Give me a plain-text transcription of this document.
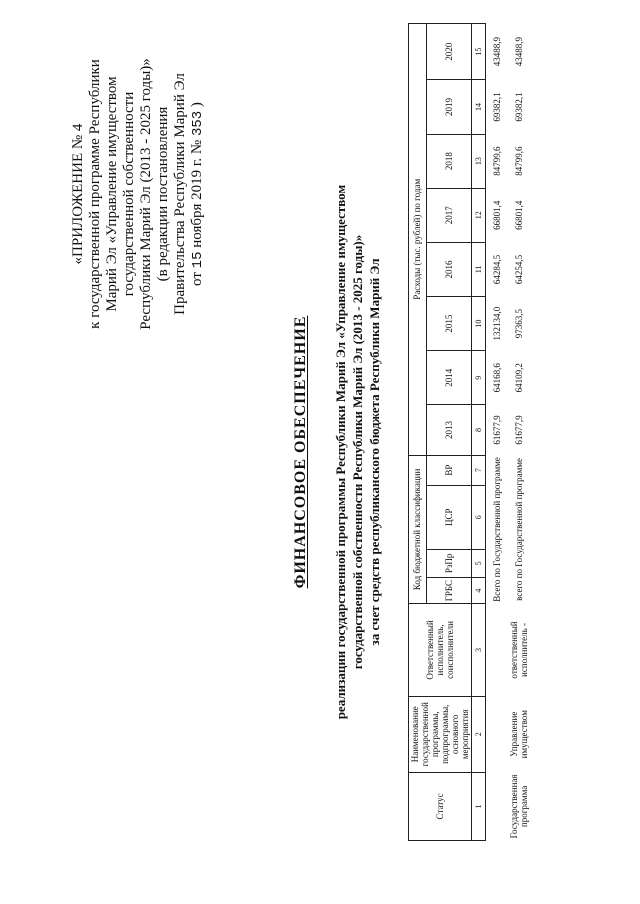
«ПРИЛОЖЕНИЕ № 4 к государственной программе Республики Марий Эл «Управление имуществом государственной собственности Республики Марий Эл (2013 - 2025 годы)» (в редакции постановления Правительства Республики Марий Эл от 15 ноября 2019 г. № 353 )
ФИНАНСОВОЕ ОБЕСПЕЧЕНИЕ реализации государственной программы Республики Марий Эл «Управление имуществом государственной собственности Республики Марий Эл (2013 - 2025 годы)» за счет средств республиканского бюджета Республики Марий Эл
Статус	Наименование государственной программы, подпрограммы, основного мероприятия	Ответственный исполнитель, соисполнители	Код бюджетной классификации				Расходы (тыс. рублей) по годам							
			ГРБС	РзПр	ЦСР	ВР	2013	2014	2015	2016	2017	2018	2019	2020
1	2	3	4	5	6	7	8	9	10	11	12	13	14	15
			Всего по Государственной программе				61677,9	64168,6	132134,0	64284,5	66801,4	84799,6	69382,1	43488,9
Государственная программа	Управление имуществом	ответственный исполнитель -	всего по Государственной программе				61677,9	64109,2	97363,5	64254,5	66801,4	84799,6	69382,1	43488,9
